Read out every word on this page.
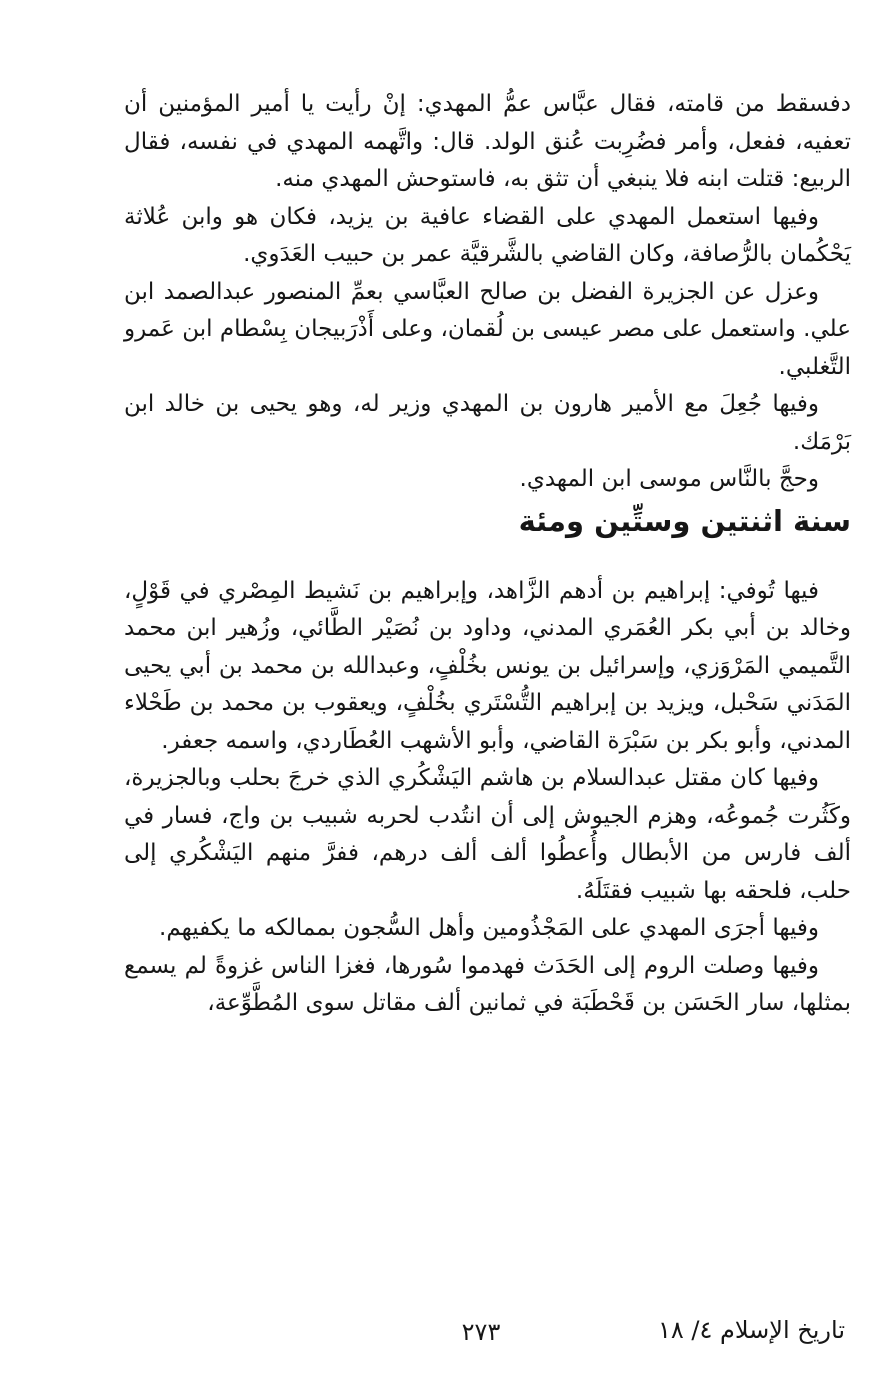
دفسقط من قامته، فقال عبَّاس عمُّ المهدي: إنْ رأيت يا أمير المؤمنين أن تعفيه، ففعل، وأمر فضُرِبت عُنق الولد. قال: واتَّهمه المهدي في نفسه، فقال الربيع: قتلت ابنه فلا ينبغي أن تثق به، فاستوحش المهدي منه.

وفيها استعمل المهدي على القضاء عافية بن يزيد، فكان هو وابن عُلاثة يَحْكُمان بالرُّصافة، وكان القاضي بالشَّرقيَّة عمر بن حبيب العَدَوي.

وعزل عن الجزيرة الفضل بن صالح العبَّاسي بعمِّ المنصور عبدالصمد ابن علي. واستعمل على مصر عيسى بن لُقمان، وعلى أَذْرَبيجان بِسْطام ابن عَمرو التَّغلبي.

وفيها جُعِلَ مع الأمير هارون بن المهدي وزير له، وهو يحيى بن خالد ابن بَرْمَك.

وحجَّ بالنَّاس موسى ابن المهدي.

سنة اثنتين وستِّين ومئة

فيها تُوفي: إبراهيم بن أدهم الزَّاهد، وإبراهيم بن نَشيط المِصْري في قَوْلٍ، وخالد بن أبي بكر العُمَري المدني، وداود بن نُصَيْر الطَّائي، وزُهير ابن محمد التَّميمي المَرْوَزي، وإسرائيل بن يونس بخُلْفٍ، وعبدالله بن محمد بن أبي يحيى المَدَني سَحْبل، ويزيد بن إبراهيم التُّسْتَري بخُلْفٍ، ويعقوب بن محمد بن طَحْلاء المدني، وأبو بكر بن سَبْرَة القاضي، وأبو الأشهب العُطَاردي، واسمه جعفر.

وفيها كان مقتل عبدالسلام بن هاشم اليَشْكُري الذي خرجَ بحلب وبالجزيرة، وكَثُرت جُموعُه، وهزم الجيوش إلى أن انتُدب لحربه شبيب بن واج، فسار في ألف فارس من الأبطال وأُعطُوا ألف ألف درهم، ففرَّ منهم اليَشْكُري إلى حلب، فلحقه بها شبيب فقتَلَهُ.

وفيها أجرَى المهدي على المَجْذُومين وأهل السُّجون بممالكه ما يكفيهم.

وفيها وصلت الروم إلى الحَدَث فهدموا سُورها، فغزا الناس غزوةً لم يسمع بمثلها، سار الحَسَن بن قَحْطَبَة في ثمانين ألف مقاتل سوى المُطَّوِّعة،

٢٧٣	تاريخ الإسلام ٤/ ١٨
